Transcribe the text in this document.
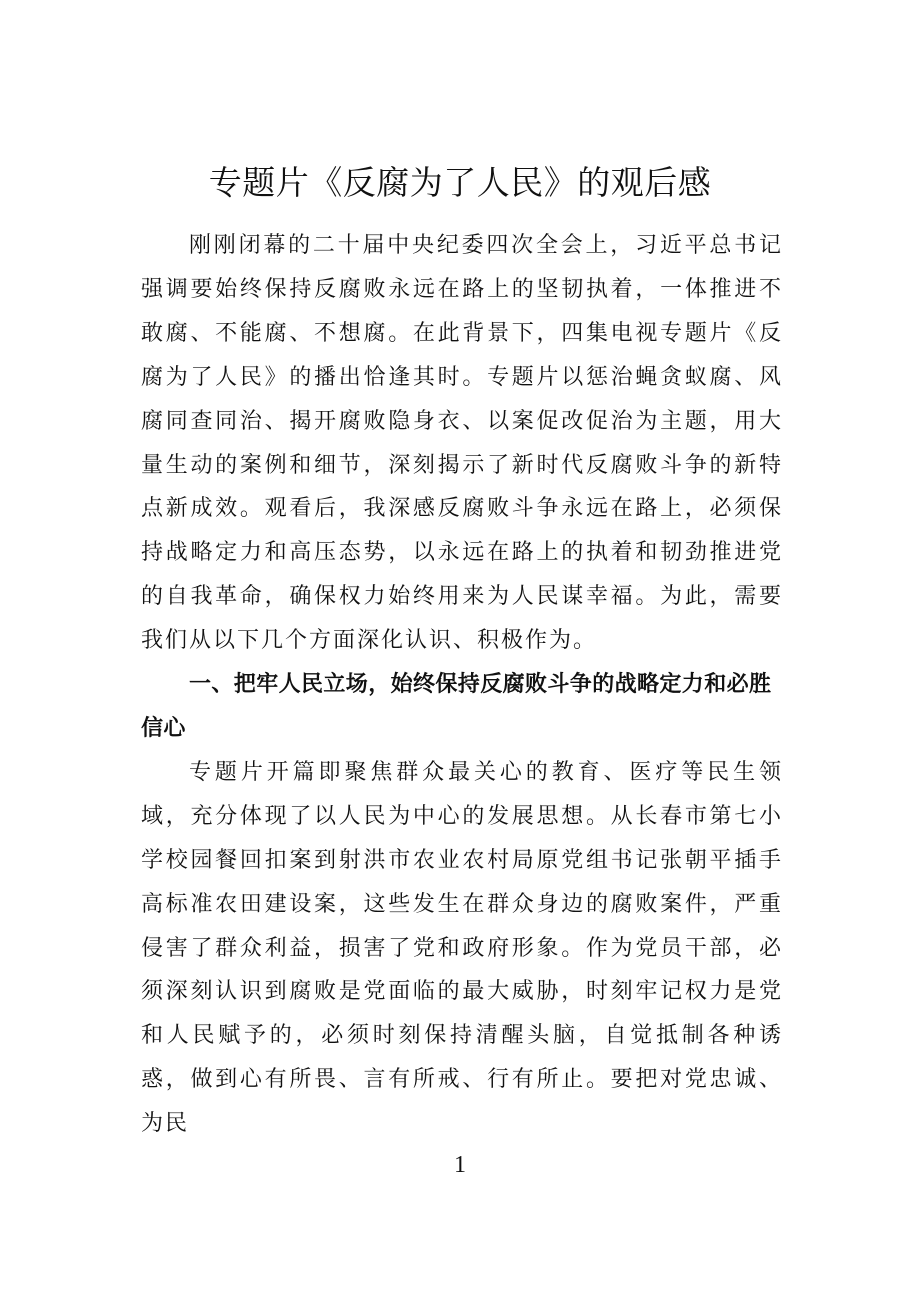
专题片《反腐为了人民》的观后感

刚刚闭幕的二十届中央纪委四次全会上，习近平总书记强调要始终保持反腐败永远在路上的坚韧执着，一体推进不敢腐、不能腐、不想腐。在此背景下，四集电视专题片《反腐为了人民》的播出恰逢其时。专题片以惩治蝇贪蚁腐、风腐同查同治、揭开腐败隐身衣、以案促改促治为主题，用大量生动的案例和细节，深刻揭示了新时代反腐败斗争的新特点新成效。观看后，我深感反腐败斗争永远在路上，必须保持战略定力和高压态势，以永远在路上的执着和韧劲推进党的自我革命，确保权力始终用来为人民谋幸福。为此，需要我们从以下几个方面深化认识、积极作为。

一、把牢人民立场，始终保持反腐败斗争的战略定力和必胜信心

专题片开篇即聚焦群众最关心的教育、医疗等民生领域，充分体现了以人民为中心的发展思想。从长春市第七小学校园餐回扣案到射洪市农业农村局原党组书记张朝平插手高标准农田建设案，这些发生在群众身边的腐败案件，严重侵害了群众利益，损害了党和政府形象。作为党员干部，必须深刻认识到腐败是党面临的最大威胁，时刻牢记权力是党和人民赋予的，必须时刻保持清醒头脑，自觉抵制各种诱惑，做到心有所畏、言有所戒、行有所止。要把对党忠诚、为民

1
